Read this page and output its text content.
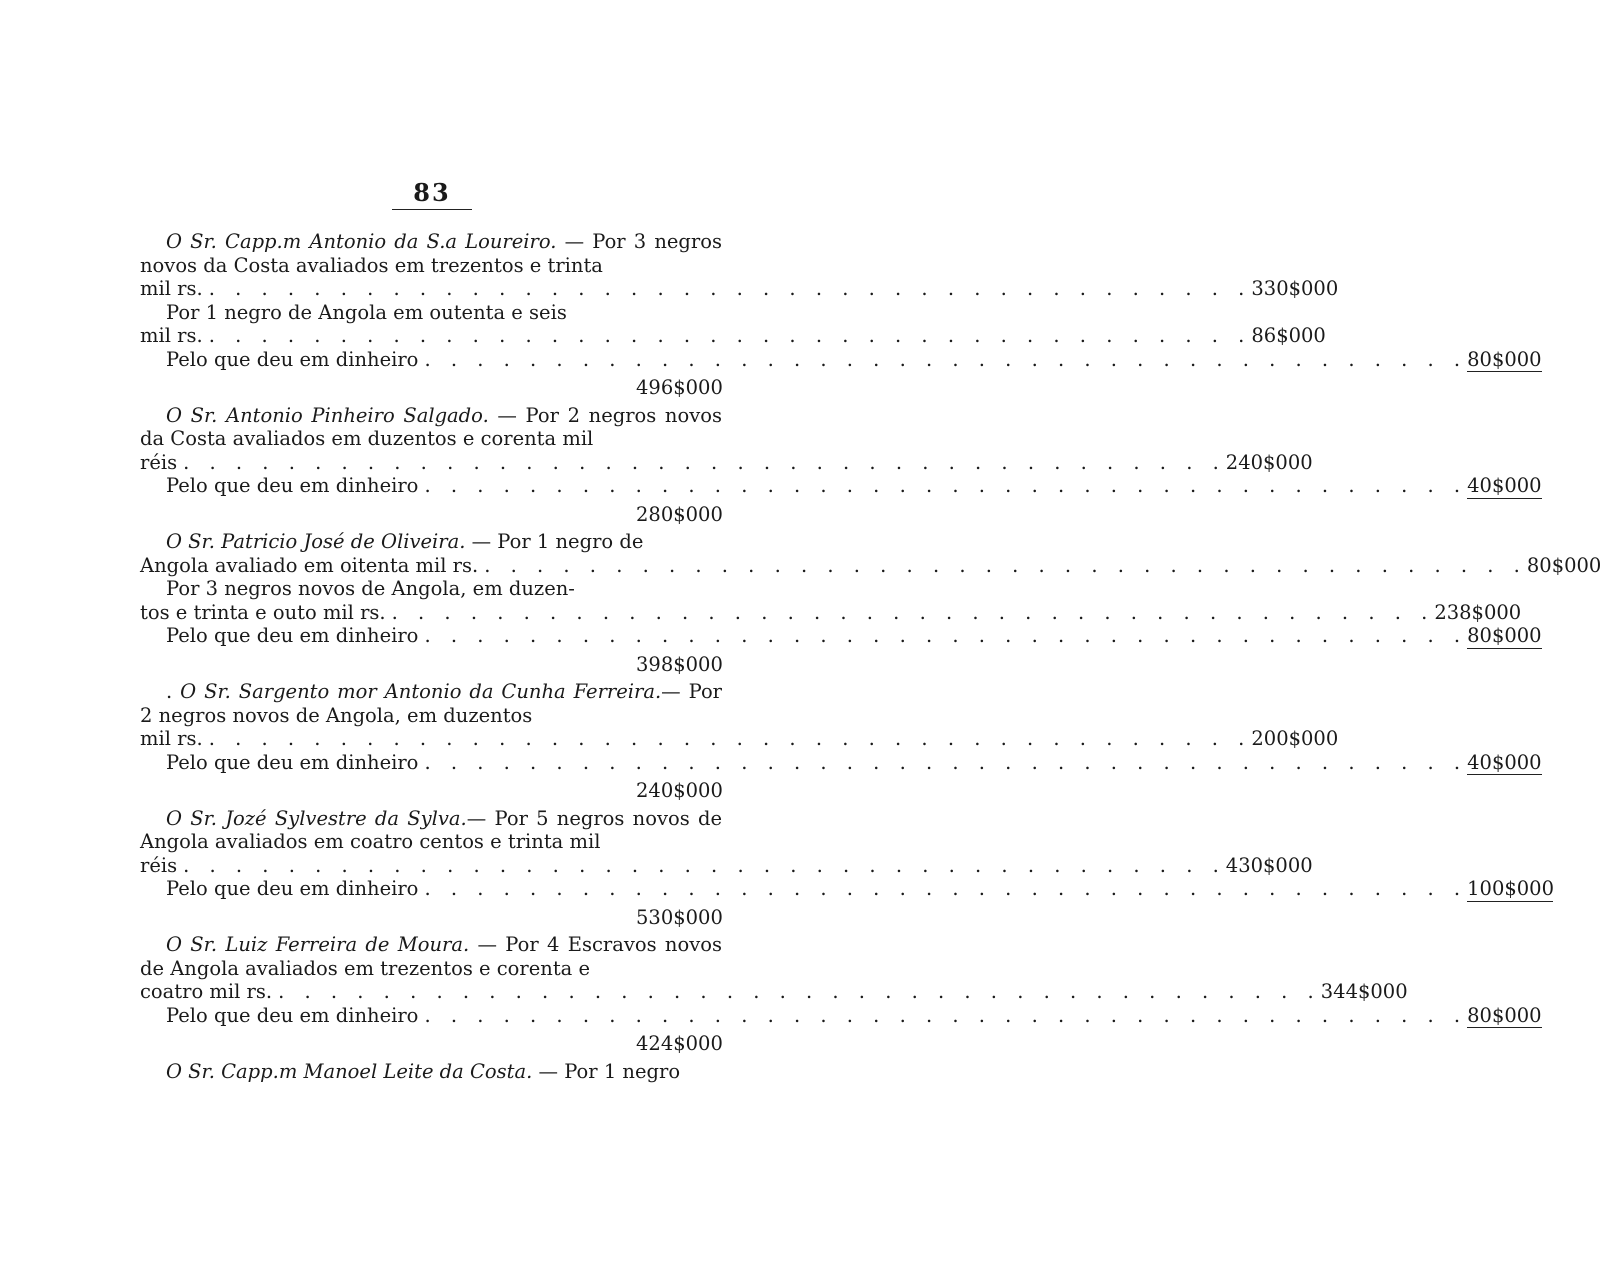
83
O Sr. Capp.m Antonio da S.a Loureiro. — Por 3 negros novos da Costa avaliados em trezentos e trinta
mil rs. . . . . . . . . . . . . . . . . . . . . . . . . . . . . . . . . . . . . . . . . 330$000
Por 1 negro de Angola em outenta e seis
mil rs. . . . . . . . . . . . . . . . . . . . . . . . . . . . . . . . . . . . . . . . . 86$000
Pelo que deu em dinheiro . . . . . . . . . . . . . . . . . . . . . . . . . . . . . . . . . . . . . . . . 80$000
496$000
O Sr. Antonio Pinheiro Salgado. — Por 2 negros novos da Costa avaliados em duzentos e corenta mil
réis . . . . . . . . . . . . . . . . . . . . . . . . . . . . . . . . . . . . . . . . 240$000
Pelo que deu em dinheiro . . . . . . . . . . . . . . . . . . . . . . . . . . . . . . . . . . . . . . . . 40$000
280$000
O Sr. Patricio José de Oliveira. — Por 1 negro de
Angola avaliado em oitenta mil rs. . . . . . . . . . . . . . . . . . . . . . . . . . . . . . . . . . . . . . . . . 80$000
Por 3 negros novos de Angola, em duzen-
tos e trinta e outo mil rs. . . . . . . . . . . . . . . . . . . . . . . . . . . . . . . . . . . . . . . . . 238$000
Pelo que deu em dinheiro . . . . . . . . . . . . . . . . . . . . . . . . . . . . . . . . . . . . . . . . 80$000
398$000
. O Sr. Sargento mor Antonio da Cunha Ferreira.— Por 2 negros novos de Angola, em duzentos
mil rs. . . . . . . . . . . . . . . . . . . . . . . . . . . . . . . . . . . . . . . . . 200$000
Pelo que deu em dinheiro . . . . . . . . . . . . . . . . . . . . . . . . . . . . . . . . . . . . . . . . 40$000
240$000
O Sr. Jozé Sylvestre da Sylva.— Por 5 negros novos de Angola avaliados em coatro centos e trinta mil
réis . . . . . . . . . . . . . . . . . . . . . . . . . . . . . . . . . . . . . . . . 430$000
Pelo que deu em dinheiro . . . . . . . . . . . . . . . . . . . . . . . . . . . . . . . . . . . . . . . . 100$000
530$000
O Sr. Luiz Ferreira de Moura. — Por 4 Escravos novos de Angola avaliados em trezentos e corenta e
coatro mil rs. . . . . . . . . . . . . . . . . . . . . . . . . . . . . . . . . . . . . . . . . 344$000
Pelo que deu em dinheiro . . . . . . . . . . . . . . . . . . . . . . . . . . . . . . . . . . . . . . . . 80$000
424$000
O Sr. Capp.m Manoel Leite da Costa. — Por 1 negro
